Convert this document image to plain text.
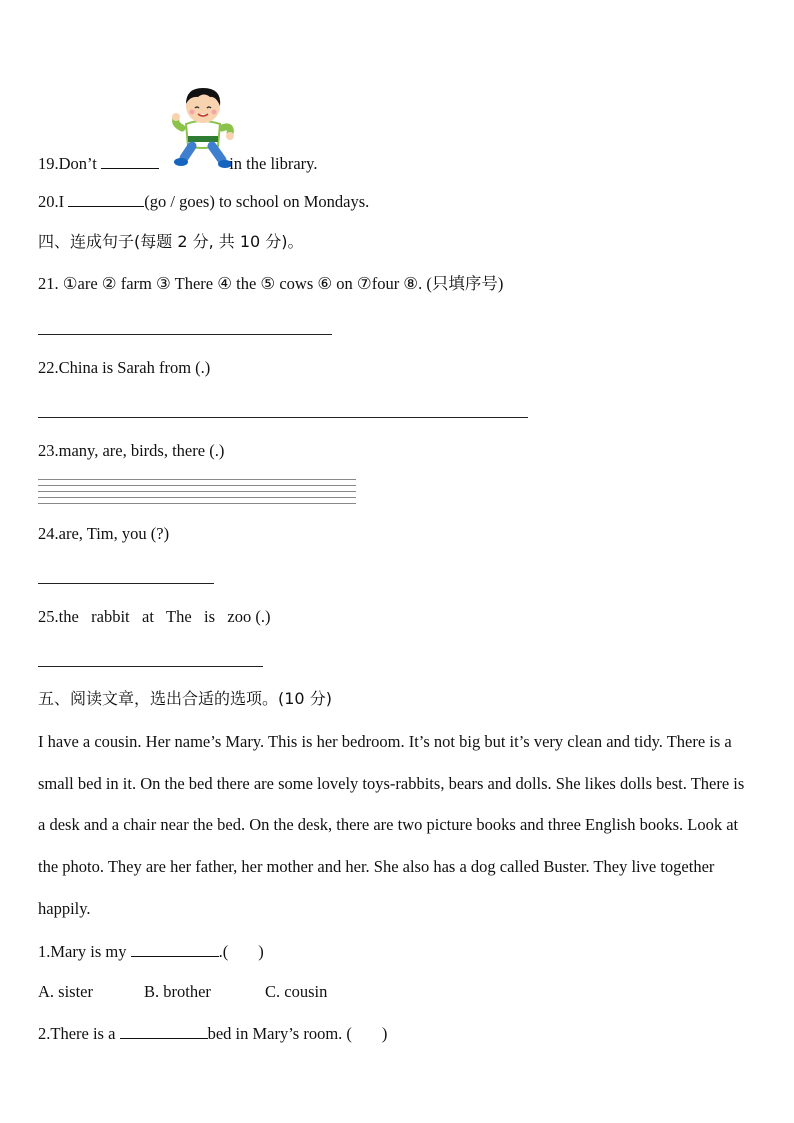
19.Don’t	in the library.
20.I	(go / goes) to school on Mondays.
四、连成句子(每题 2 分, 共 10 分)。
21. ①are ② farm ③ There ④ the ⑤ cows ⑥ on ⑦four ⑧. (只填序号)
22.China is Sarah from (.)
23.many, are, birds, there (.)
24.are, Tim, you (?)
25.the   rabbit   at   The   is   zoo (.)
五、阅读文章，选出合适的选项。(10 分)
I have a cousin. Her name’s Mary. This is her bedroom. It’s not big but it’s very clean and tidy. There is a small bed in it. On the bed there are some lovely toys-rabbits, bears and dolls. She likes dolls best. There is a desk and a chair near the bed. On the desk, there are two picture books and three English books. Look at the photo. They are her father, her mother and her. She also has a dog called Buster. They live together happily.
1.Mary is my	.( )
A. sister	B. brother	C. cousin
2.There is a	bed in Mary’s room. ( )
